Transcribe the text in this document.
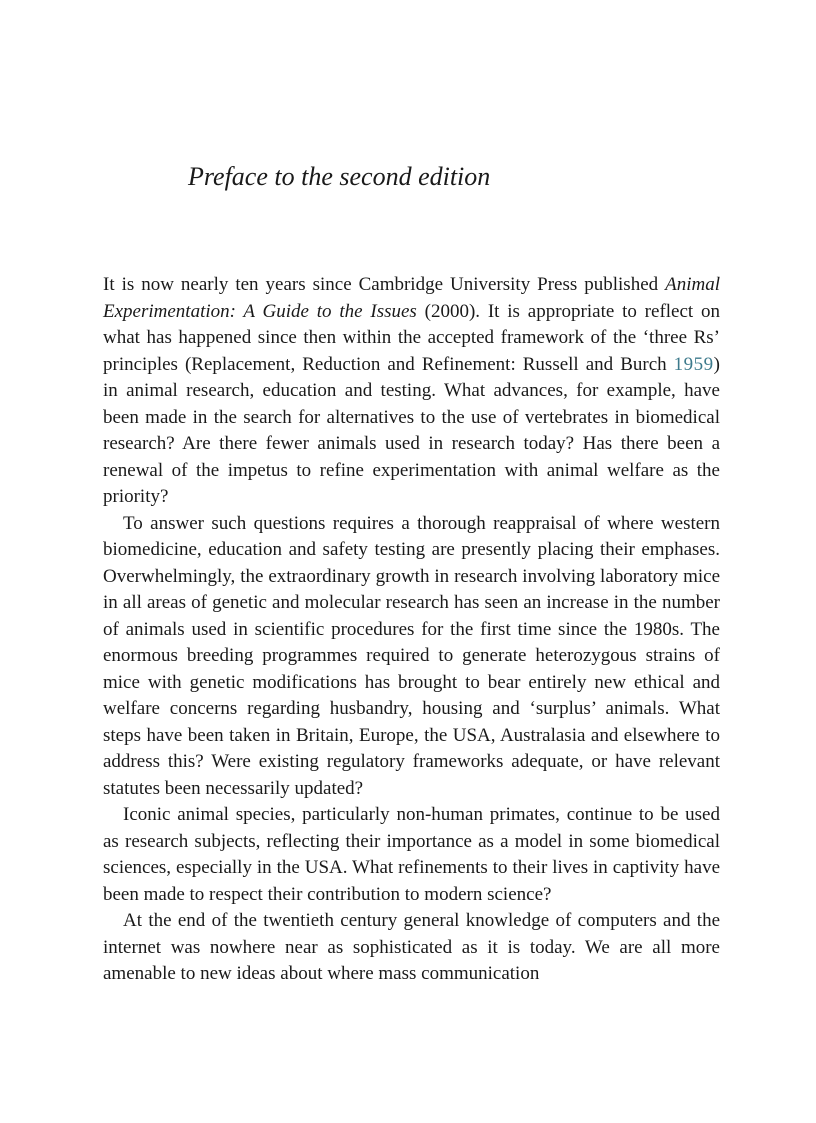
Preface to the second edition

It is now nearly ten years since Cambridge University Press published Animal Experimentation: A Guide to the Issues (2000). It is appropriate to reflect on what has happened since then within the accepted framework of the ‘three Rs’ principles (Replacement, Reduction and Refinement: Russell and Burch 1959) in animal research, education and testing. What advances, for example, have been made in the search for alternatives to the use of vertebrates in biomedical research? Are there fewer animals used in research today? Has there been a renewal of the impetus to refine experimentation with animal welfare as the priority?

To answer such questions requires a thorough reappraisal of where western biomedicine, education and safety testing are presently placing their emphases. Overwhelmingly, the extraordinary growth in research involving laboratory mice in all areas of genetic and molecular research has seen an increase in the number of animals used in scientific procedures for the first time since the 1980s. The enormous breeding programmes required to generate heterozygous strains of mice with genetic modifications has brought to bear entirely new ethical and welfare concerns regarding husbandry, housing and ‘surplus’ animals. What steps have been taken in Britain, Europe, the USA, Australasia and elsewhere to address this? Were existing regulatory frameworks adequate, or have relevant statutes been necessarily updated?

Iconic animal species, particularly non-human primates, continue to be used as research subjects, reflecting their importance as a model in some biomedical sciences, especially in the USA. What refinements to their lives in captivity have been made to respect their contribution to modern science?

At the end of the twentieth century general knowledge of computers and the internet was nowhere near as sophisticated as it is today. We are all more amenable to new ideas about where mass communication
